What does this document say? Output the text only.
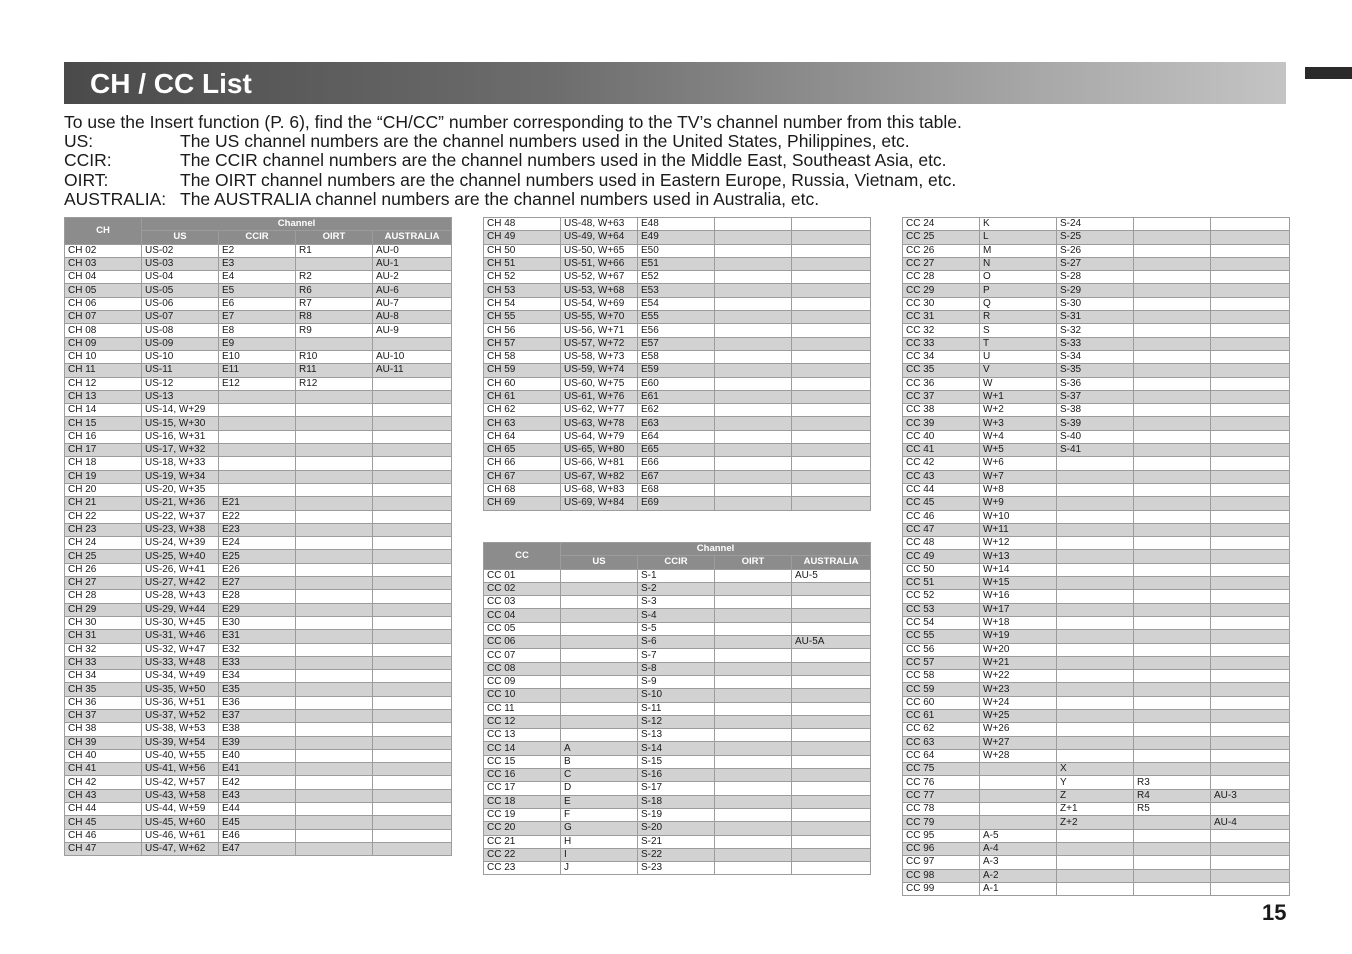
CH / CC List
To use the Insert function (P. 6), find the “CH/CC” number corresponding to the TV’s channel number from this table.
US:	The US channel numbers are the channel numbers used in the United States, Philippines, etc.
CCIR:	The CCIR channel numbers are the channel numbers used in the Middle East, Southeast Asia, etc.
OIRT:	The OIRT channel numbers are the channel numbers used in Eastern Europe, Russia, Vietnam, etc.
AUSTRALIA: The AUSTRALIA channel numbers are the channel numbers used in Australia, etc.
CH	Channel			
	US	CCIR	OIRT	AUSTRALIA
CH 02	US-02	E2	R1	AU-0
CH 03	US-03	E3		AU-1
CH 04	US-04	E4	R2	AU-2
CH 05	US-05	E5	R6	AU-6
CH 06	US-06	E6	R7	AU-7
CH 07	US-07	E7	R8	AU-8
CH 08	US-08	E8	R9	AU-9
CH 09	US-09	E9		
CH 10	US-10	E10	R10	AU-10
CH 11	US-11	E11	R11	AU-11
CH 12	US-12	E12	R12	
CH 13	US-13			
CH 14	US-14, W+29			
CH 15	US-15, W+30			
CH 16	US-16, W+31			
CH 17	US-17, W+32			
CH 18	US-18, W+33			
CH 19	US-19, W+34			
CH 20	US-20, W+35			
CH 21	US-21, W+36	E21		
CH 22	US-22, W+37	E22		
CH 23	US-23, W+38	E23		
CH 24	US-24, W+39	E24		
CH 25	US-25, W+40	E25		
CH 26	US-26, W+41	E26		
CH 27	US-27, W+42	E27		
CH 28	US-28, W+43	E28		
CH 29	US-29, W+44	E29		
CH 30	US-30, W+45	E30		
CH 31	US-31, W+46	E31		
CH 32	US-32, W+47	E32		
CH 33	US-33, W+48	E33		
CH 34	US-34, W+49	E34		
CH 35	US-35, W+50	E35		
CH 36	US-36, W+51	E36		
CH 37	US-37, W+52	E37		
CH 38	US-38, W+53	E38		
CH 39	US-39, W+54	E39		
CH 40	US-40, W+55	E40		
CH 41	US-41, W+56	E41		
CH 42	US-42, W+57	E42		
CH 43	US-43, W+58	E43		
CH 44	US-44, W+59	E44		
CH 45	US-45, W+60	E45		
CH 46	US-46, W+61	E46		
CH 47	US-47, W+62	E47		
CH 48	US-48, W+63	E48		
CH 49	US-49, W+64	E49		
CH 50	US-50, W+65	E50		
CH 51	US-51, W+66	E51		
CH 52	US-52, W+67	E52		
CH 53	US-53, W+68	E53		
CH 54	US-54, W+69	E54		
CH 55	US-55, W+70	E55		
CH 56	US-56, W+71	E56		
CH 57	US-57, W+72	E57		
CH 58	US-58, W+73	E58		
CH 59	US-59, W+74	E59		
CH 60	US-60, W+75	E60		
CH 61	US-61, W+76	E61		
CH 62	US-62, W+77	E62		
CH 63	US-63, W+78	E63		
CH 64	US-64, W+79	E64		
CH 65	US-65, W+80	E65		
CH 66	US-66, W+81	E66		
CH 67	US-67, W+82	E67		
CH 68	US-68, W+83	E68		
CH 69	US-69, W+84	E69		
CC	Channel			
	US	CCIR	OIRT	AUSTRALIA
CC 01		S-1		AU-5
CC 02		S-2		
CC 03		S-3		
CC 04		S-4		
CC 05		S-5		
CC 06		S-6		AU-5A
CC 07		S-7		
CC 08		S-8		
CC 09		S-9		
CC 10		S-10		
CC 11		S-11		
CC 12		S-12		
CC 13		S-13		
CC 14	A	S-14		
CC 15	B	S-15		
CC 16	C	S-16		
CC 17	D	S-17		
CC 18	E	S-18		
CC 19	F	S-19		
CC 20	G	S-20		
CC 21	H	S-21		
CC 22	I	S-22		
CC 23	J	S-23		
CC 24	K	S-24		
CC 25	L	S-25		
CC 26	M	S-26		
CC 27	N	S-27		
CC 28	O	S-28		
CC 29	P	S-29		
CC 30	Q	S-30		
CC 31	R	S-31		
CC 32	S	S-32		
CC 33	T	S-33		
CC 34	U	S-34		
CC 35	V	S-35		
CC 36	W	S-36		
CC 37	W+1	S-37		
CC 38	W+2	S-38		
CC 39	W+3	S-39		
CC 40	W+4	S-40		
CC 41	W+5	S-41		
CC 42	W+6			
CC 43	W+7			
CC 44	W+8			
CC 45	W+9			
CC 46	W+10			
CC 47	W+11			
CC 48	W+12			
CC 49	W+13			
CC 50	W+14			
CC 51	W+15			
CC 52	W+16			
CC 53	W+17			
CC 54	W+18			
CC 55	W+19			
CC 56	W+20			
CC 57	W+21			
CC 58	W+22			
CC 59	W+23			
CC 60	W+24			
CC 61	W+25			
CC 62	W+26			
CC 63	W+27			
CC 64	W+28			
CC 75		X		
CC 76		Y	R3	
CC 77		Z	R4	AU-3
CC 78		Z+1	R5	
CC 79		Z+2		AU-4
CC 95	A-5			
CC 96	A-4			
CC 97	A-3			
CC 98	A-2			
CC 99	A-1			
15
